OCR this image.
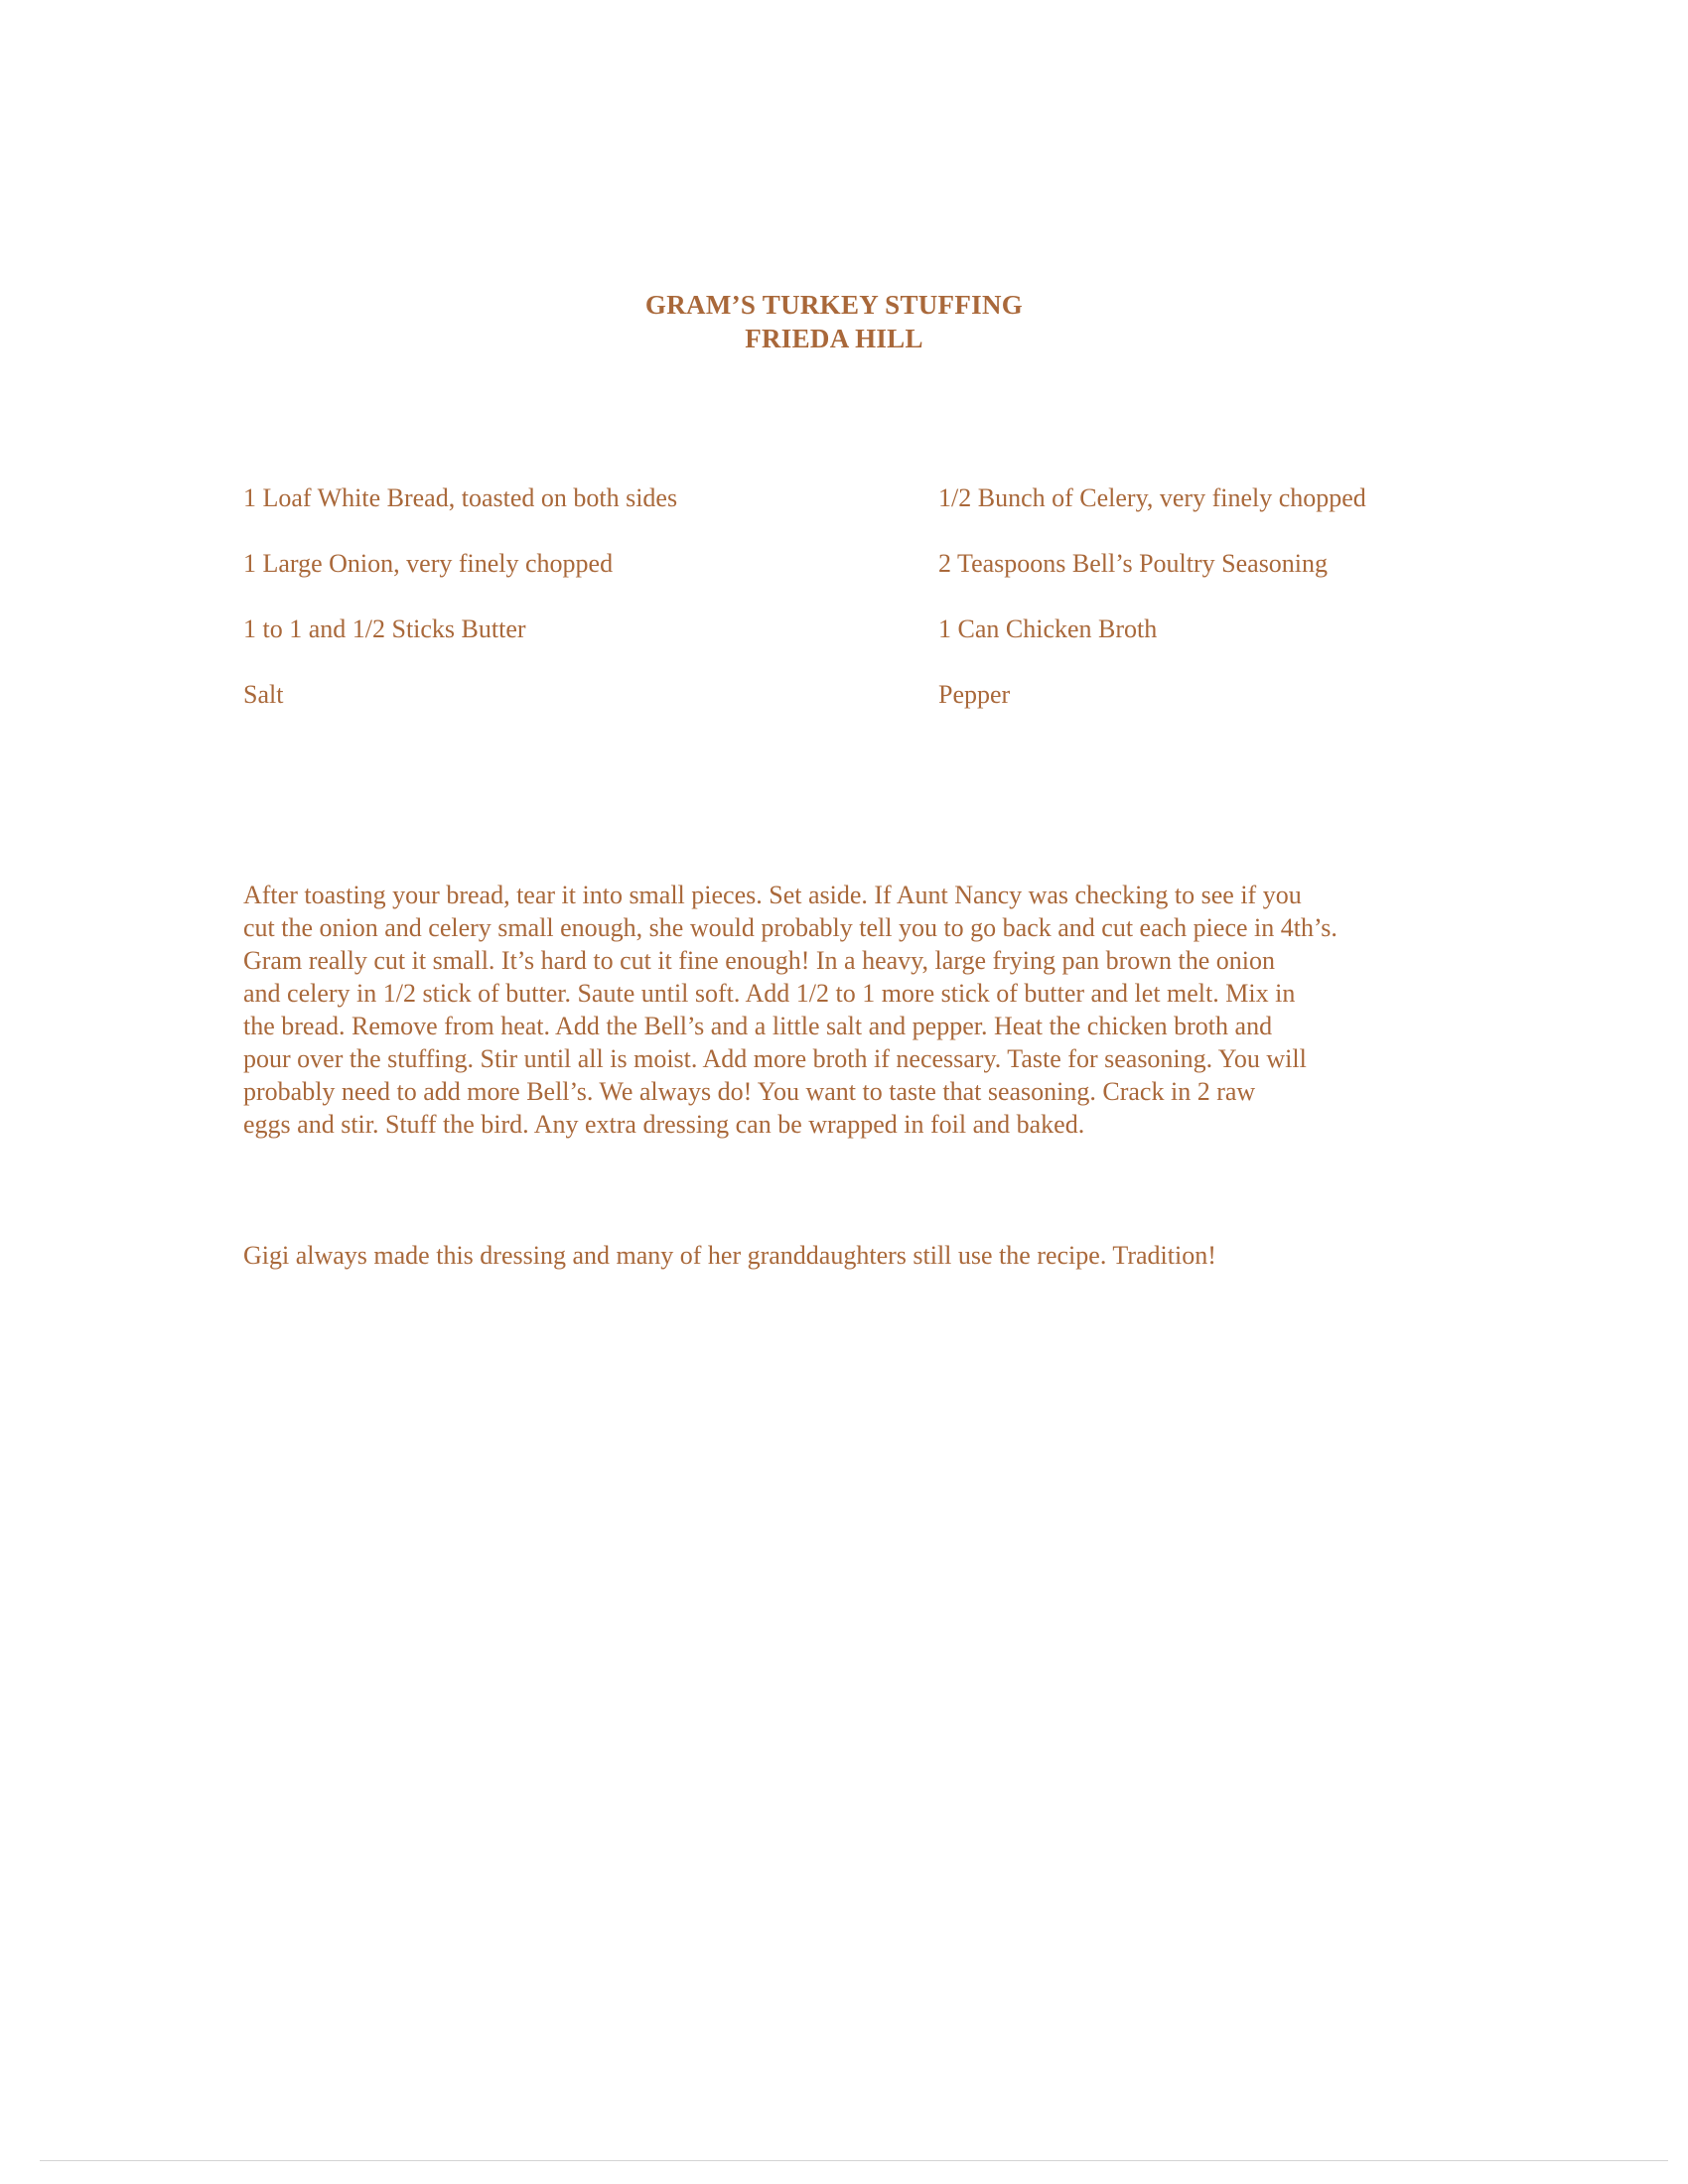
GRAM’S TURKEY STUFFING
FRIEDA HILL
1 Loaf White Bread, toasted on both sides	1/2 Bunch of Celery, very finely chopped
1 Large Onion, very finely chopped	2 Teaspoons Bell’s Poultry Seasoning
1 to 1 and 1/2 Sticks Butter	1 Can Chicken Broth
Salt	Pepper
After toasting your bread, tear it into small pieces. Set aside. If Aunt Nancy was checking to see if you
cut the onion and celery small enough, she would probably tell you to go back and cut each piece in 4th’s.
Gram really cut it small. It’s hard to cut it fine enough! In a heavy, large frying pan brown the onion
and celery in 1/2 stick of butter. Saute until soft. Add 1/2 to 1 more stick of butter and let melt. Mix in
the bread. Remove from heat. Add the Bell’s and a little salt and pepper. Heat the chicken broth and
pour over the stuffing. Stir until all is moist. Add more broth if necessary. Taste for seasoning. You will
probably need to add more Bell’s. We always do! You want to taste that seasoning. Crack in 2 raw
eggs and stir. Stuff the bird. Any extra dressing can be wrapped in foil and baked.
Gigi always made this dressing and many of her granddaughters still use the recipe. Tradition!
